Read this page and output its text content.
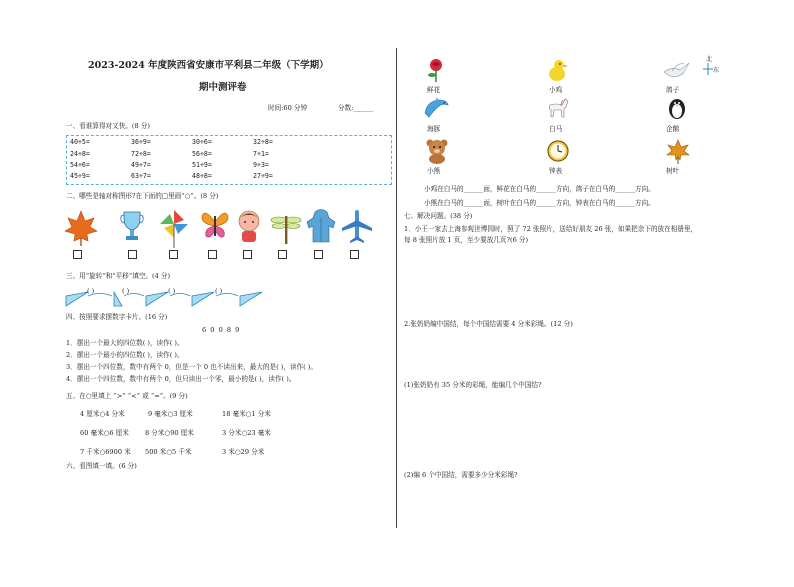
2023-2024 年度陕西省安康市平利县二年级（下学期）
期中测评卷
时间:60 分钟	分数:______
一、看谁算得对又快。(8 分)
40÷5=	36÷9=	30÷6=	32÷8=
24÷8=	72÷8=	56÷8=	7÷1=
54÷6=	49÷7=	51÷9=	9÷3=
45÷9=	63÷7=	48÷8=	27÷9=
二、哪些是轴对称图形?在下面的□里画“○”。(8 分)
三、用“旋转”和“平移”填空。(4 分)
( )	( )	( )	( )
四、按照要求摆数字卡片。(16 分)
6 0 0 8 9
1．摆出一个最大的四位数( )，读作( )。
2．摆出一个最小的四位数( )，读作( )。
3．摆出一个四位数，数中有两个 0，但是一个 0 也不读出来，最大的是( )，读作( )。
4．摆出一个四位数，数中有两个 0，但只读出一个零，最小的是( )，读作( )。
五、在○里填上 “>” “<” 或 “=”。(9 分)
4 厘米○4 分米	9 毫米○3 厘米	18 毫米○1 分米
60 毫米○6 厘米 8 分米○90 厘米	3 分米○23 毫米
7 千米○6900 米 500 米○5 千米	3 米○29 分米
六、看图填一填。(6 分)
北
东
鲜花	小鸡	鸽子
海豚	白马	企鹅
小熊	钟表	树叶
小鸡在白马的______面，鲜花在白马的______方向，鸽子在白马的______方向。
小熊在白马的______面，树叶在白马的______方向，钟表在白马的______方向。
七、解决问题。(38 分)
1．小王一家去上海参观世博园时，照了 72 张照片，送给好朋友 26 张，如果把余下的放在相册里，
每 8 张照片放 1 页，至少要放几页?(6 分)
2.张奶奶编中国结，每个中国结需要 4 分米彩绳。(12 分)
(1)张奶奶有 35 分米的彩绳，能编几个中国结?
(2)编 6 个中国结，需要多少分米彩绳?
